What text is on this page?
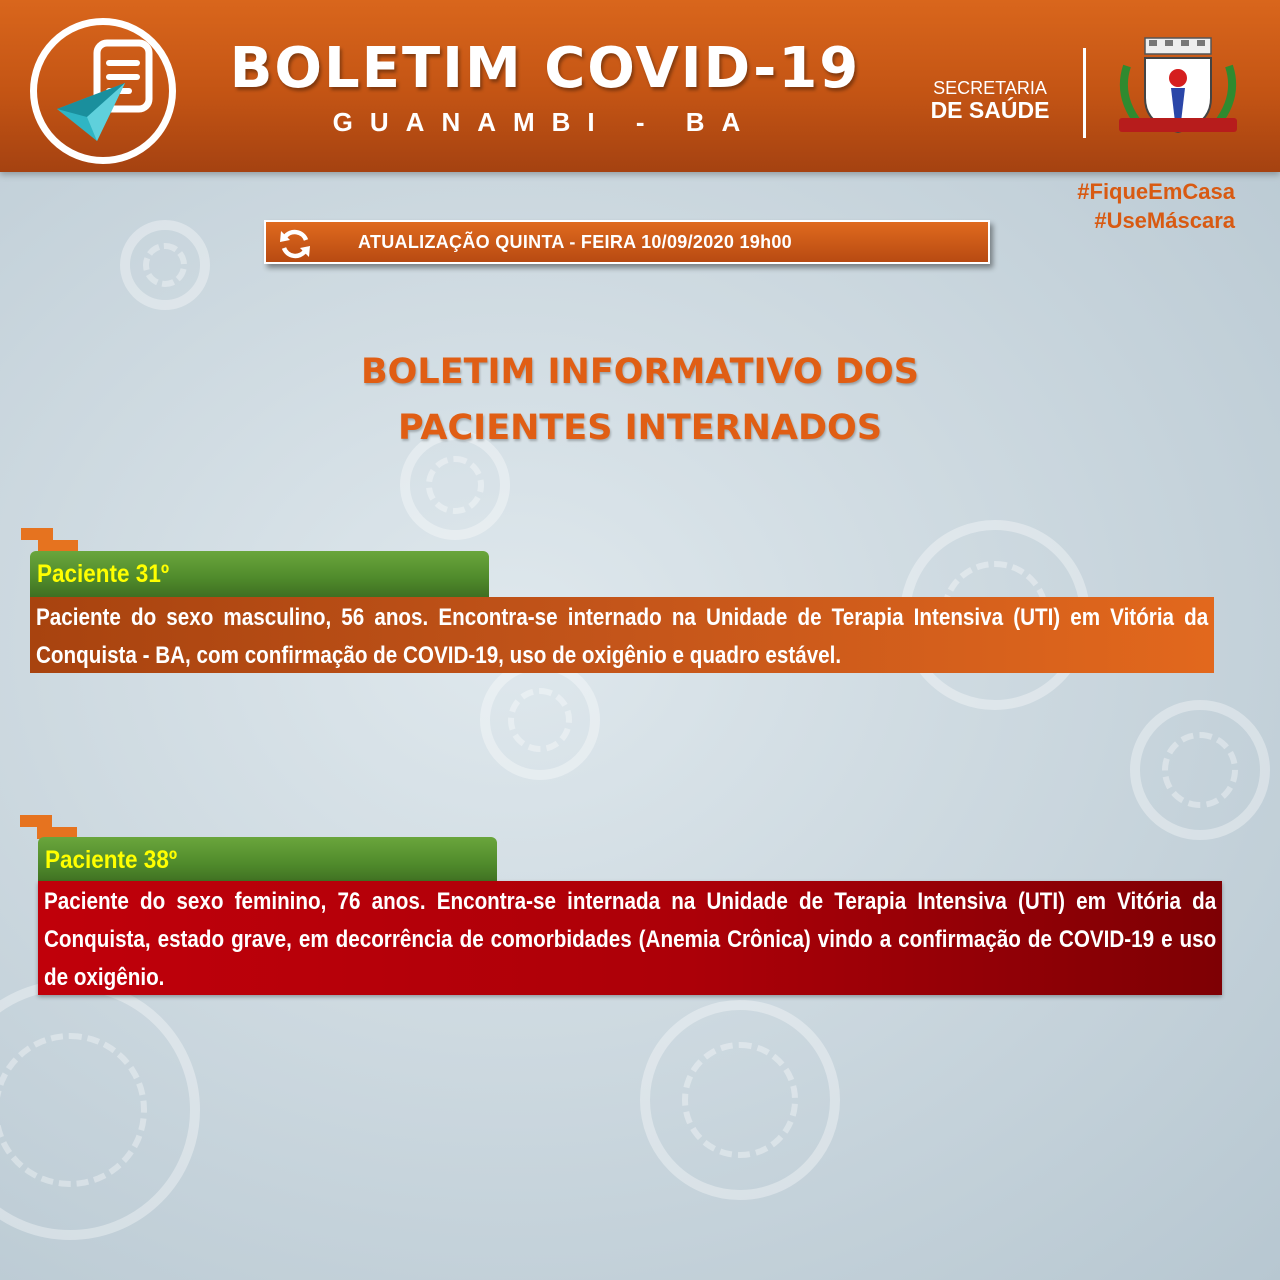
BOLETIM COVID-19
GUANAMBI - BA
SECRETARIA
DE SAÚDE
#FiqueEmCasa
#UseMáscara
ATUALIZAÇÃO QUINTA - FEIRA 10/09/2020 19h00
BOLETIM INFORMATIVO DOS
PACIENTES INTERNADOS
Paciente 31º
Paciente do sexo masculino, 56 anos. Encontra-se internado na Unidade de Terapia Intensiva (UTI) em Vitória da Conquista - BA, com confirmação de COVID-19, uso de oxigênio e quadro estável.
Paciente 38º
Paciente do sexo feminino, 76 anos. Encontra-se internada na Unidade de Terapia Intensiva (UTI) em Vitória da Conquista, estado grave, em decorrência de comorbidades (Anemia Crônica) vindo a confirmação de COVID-19 e uso de oxigênio.
